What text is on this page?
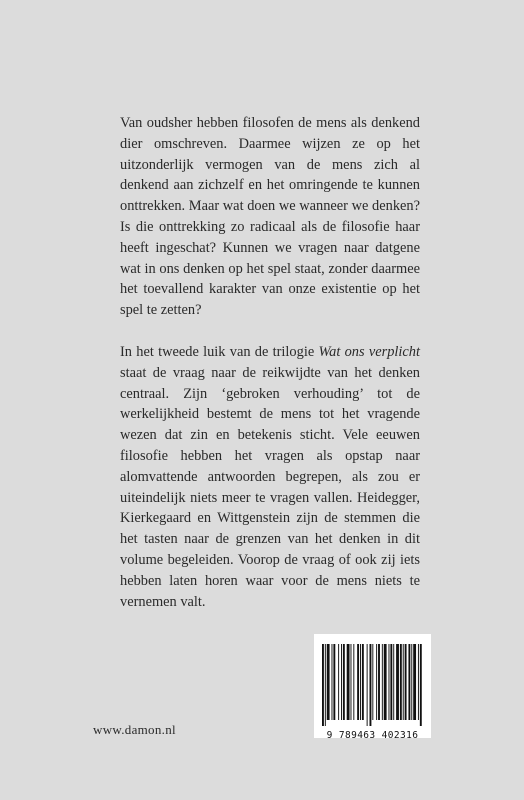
Van oudsher hebben filosofen de mens als denkend dier omschreven. Daarmee wijzen ze op het uitzonderlijk vermogen van de mens zich al denkend aan zichzelf en het omringende te kunnen onttrekken. Maar wat doen we wanneer we denken? Is die onttrekking zo radicaal als de filosofie haar heeft ingeschat? Kunnen we vragen naar datgene wat in ons denken op het spel staat, zonder daarmee het toevallend karakter van onze existentie op het spel te zetten?

In het tweede luik van de trilogie Wat ons verplicht staat de vraag naar de reikwijdte van het denken centraal. Zijn ‘gebroken verhouding’ tot de werkelijkheid bestemt de mens tot het vragende wezen dat zin en betekenis sticht. Vele eeuwen filosofie hebben het vragen als opstap naar alomvattende antwoorden begrepen, als zou er uiteindelijk niets meer te vragen vallen. Heidegger, Kierkegaard en Wittgenstein zijn de stemmen die het tasten naar de grenzen van het denken in dit volume begeleiden. Voorop de vraag of ook zij iets hebben laten horen waar voor de mens niets te vernemen valt.

www.damon.nl	9 789463 402316
